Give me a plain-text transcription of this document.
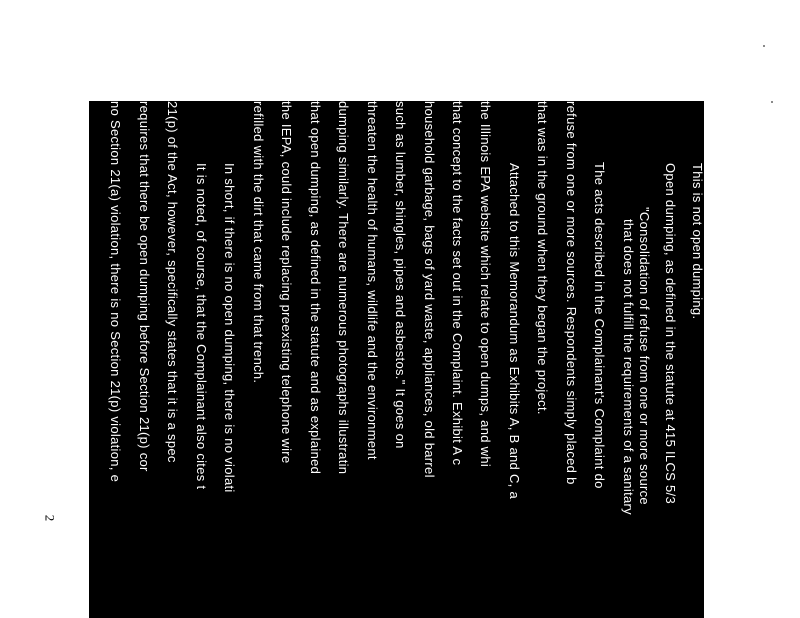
This is not open dumping.
Open dumping, as defined in the statute at 415 ILCS 5/3
"Consolidation of refuse from one or more source
that does not fulfill the requirements of a sanitary
The acts described in the Complainant's Complaint do
refuse from one or more sources. Respondents simply placed b
that was in the ground when they began the project.
Attached to this Memorandum as Exhibits A, B and C, a
the Illinois EPA website which relate to open dumps, and whi
that concept to the facts set out in the Complaint. Exhibit A c
household garbage, bags of yard waste, appliances, old barrel
such as lumber, shingles, pipes and asbestos." It goes on
threaten the health of humans, wildlife and the environment
dumping similarly. There are numerous photographs illustratin
that open dumping, as defined in the statute and as explained
the IEPA, could include replacing preexisting telephone wire
refilled with the dirt that came from that trench.
In short, if there is no open dumping, there is no violati
It is noted, of course, that the Complainant also cites t
21(p) of the Act, however, specifically states that it is a spec
requires that there be open dumping before Section 21(p) cor
no Section 21(a) violation, there is no Section 21(p) violation, e
2
